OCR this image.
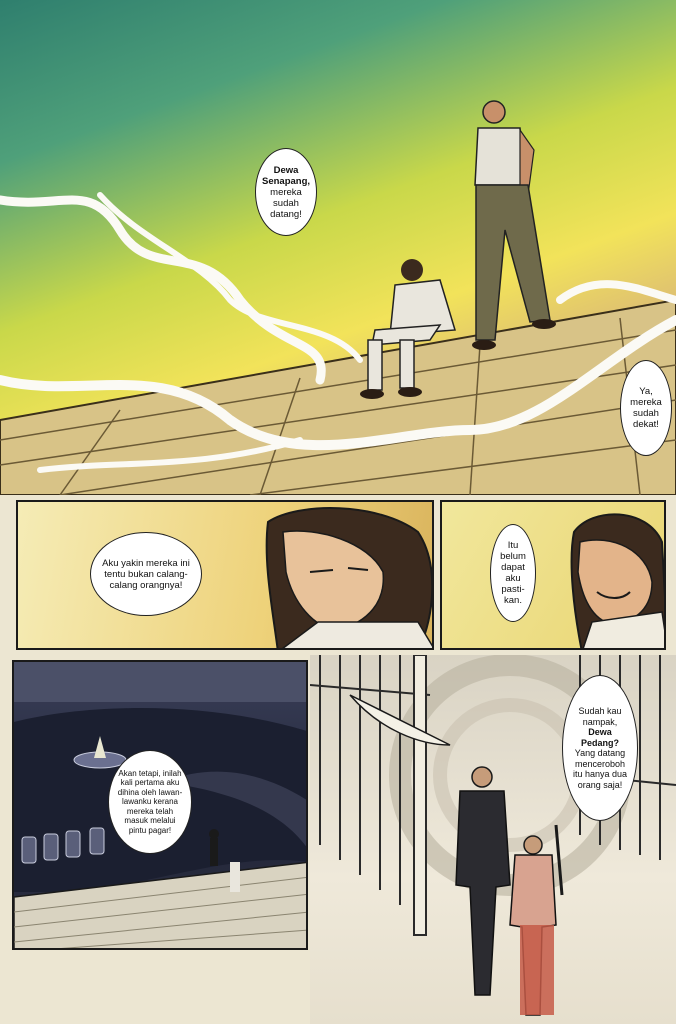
Dewa Senapang,
mereka sudah datang!
Ya, mereka sudah dekat!
Aku yakin mereka ini tentu bukan calang-calang orangnya!
Itu belum dapat aku pasti-kan.
Akan tetapi, inilah kali pertama aku dihina oleh lawan-lawanku kerana mereka telah masuk melalui pintu pagar!
Sudah kau nampak,
Dewa Pedang?
Yang datang menceroboh itu hanya dua orang saja!
